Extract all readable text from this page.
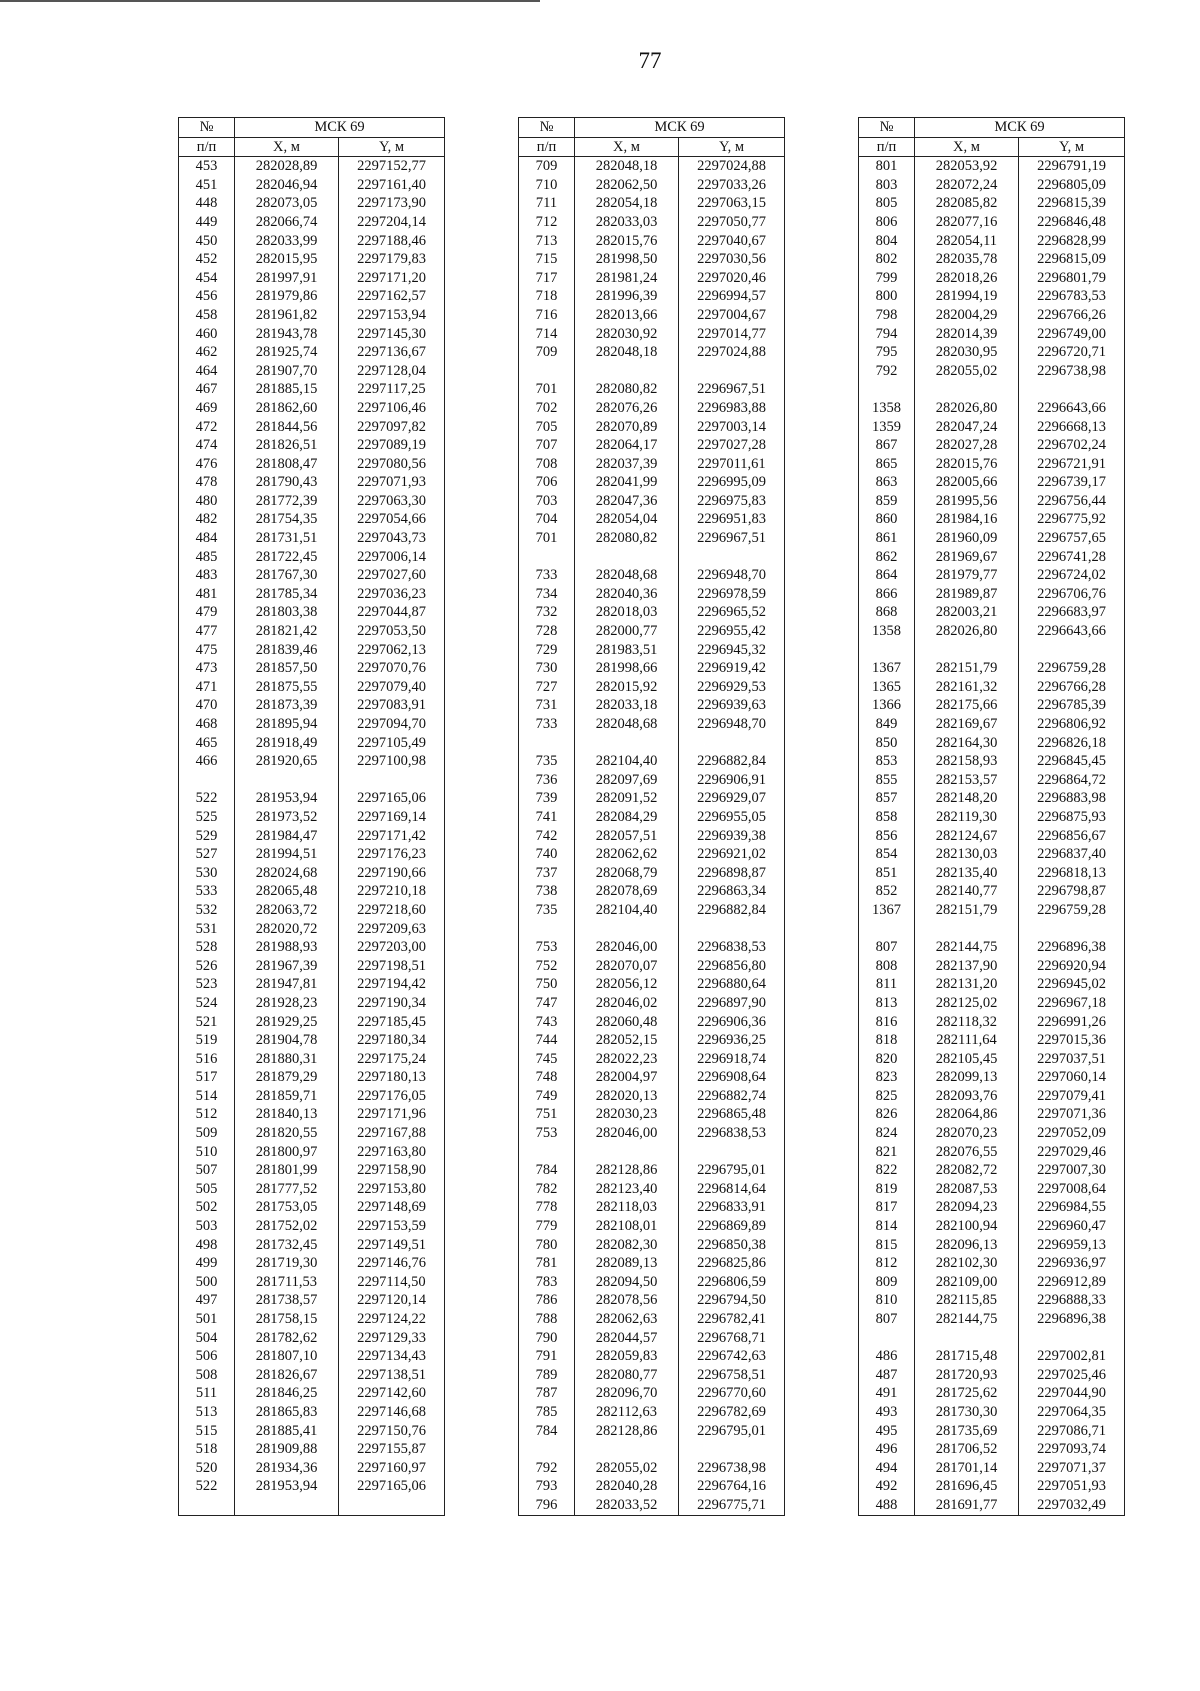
77
№	МСК 69	
п/п	X, м	Y, м
453	282028,89	2297152,77
451	282046,94	2297161,40
448	282073,05	2297173,90
449	282066,74	2297204,14
450	282033,99	2297188,46
452	282015,95	2297179,83
454	281997,91	2297171,20
456	281979,86	2297162,57
458	281961,82	2297153,94
460	281943,78	2297145,30
462	281925,74	2297136,67
464	281907,70	2297128,04
467	281885,15	2297117,25
469	281862,60	2297106,46
472	281844,56	2297097,82
474	281826,51	2297089,19
476	281808,47	2297080,56
478	281790,43	2297071,93
480	281772,39	2297063,30
482	281754,35	2297054,66
484	281731,51	2297043,73
485	281722,45	2297006,14
483	281767,30	2297027,60
481	281785,34	2297036,23
479	281803,38	2297044,87
477	281821,42	2297053,50
475	281839,46	2297062,13
473	281857,50	2297070,76
471	281875,55	2297079,40
470	281873,39	2297083,91
468	281895,94	2297094,70
465	281918,49	2297105,49
466	281920,65	2297100,98

522	281953,94	2297165,06
525	281973,52	2297169,14
529	281984,47	2297171,42
527	281994,51	2297176,23
530	282024,68	2297190,66
533	282065,48	2297210,18
532	282063,72	2297218,60
531	282020,72	2297209,63
528	281988,93	2297203,00
526	281967,39	2297198,51
523	281947,81	2297194,42
524	281928,23	2297190,34
521	281929,25	2297185,45
519	281904,78	2297180,34
516	281880,31	2297175,24
517	281879,29	2297180,13
514	281859,71	2297176,05
512	281840,13	2297171,96
509	281820,55	2297167,88
510	281800,97	2297163,80
507	281801,99	2297158,90
505	281777,52	2297153,80
502	281753,05	2297148,69
503	281752,02	2297153,59
498	281732,45	2297149,51
499	281719,30	2297146,76
500	281711,53	2297114,50
497	281738,57	2297120,14
501	281758,15	2297124,22
504	281782,62	2297129,33
506	281807,10	2297134,43
508	281826,67	2297138,51
511	281846,25	2297142,60
513	281865,83	2297146,68
515	281885,41	2297150,76
518	281909,88	2297155,87
520	281934,36	2297160,97
522	281953,94	2297165,06

№	МСК 69	
п/п	X, м	Y, м
709	282048,18	2297024,88
710	282062,50	2297033,26
711	282054,18	2297063,15
712	282033,03	2297050,77
713	282015,76	2297040,67
715	281998,50	2297030,56
717	281981,24	2297020,46
718	281996,39	2296994,57
716	282013,66	2297004,67
714	282030,92	2297014,77
709	282048,18	2297024,88

701	282080,82	2296967,51
702	282076,26	2296983,88
705	282070,89	2297003,14
707	282064,17	2297027,28
708	282037,39	2297011,61
706	282041,99	2296995,09
703	282047,36	2296975,83
704	282054,04	2296951,83
701	282080,82	2296967,51

733	282048,68	2296948,70
734	282040,36	2296978,59
732	282018,03	2296965,52
728	282000,77	2296955,42
729	281983,51	2296945,32
730	281998,66	2296919,42
727	282015,92	2296929,53
731	282033,18	2296939,63
733	282048,68	2296948,70

735	282104,40	2296882,84
736	282097,69	2296906,91
739	282091,52	2296929,07
741	282084,29	2296955,05
742	282057,51	2296939,38
740	282062,62	2296921,02
737	282068,79	2296898,87
738	282078,69	2296863,34
735	282104,40	2296882,84

753	282046,00	2296838,53
752	282070,07	2296856,80
750	282056,12	2296880,64
747	282046,02	2296897,90
743	282060,48	2296906,36
744	282052,15	2296936,25
745	282022,23	2296918,74
748	282004,97	2296908,64
749	282020,13	2296882,74
751	282030,23	2296865,48
753	282046,00	2296838,53

784	282128,86	2296795,01
782	282123,40	2296814,64
778	282118,03	2296833,91
779	282108,01	2296869,89
780	282082,30	2296850,38
781	282089,13	2296825,86
783	282094,50	2296806,59
786	282078,56	2296794,50
788	282062,63	2296782,41
790	282044,57	2296768,71
791	282059,83	2296742,63
789	282080,77	2296758,51
787	282096,70	2296770,60
785	282112,63	2296782,69
784	282128,86	2296795,01

792	282055,02	2296738,98
793	282040,28	2296764,16
796	282033,52	2296775,71
№	МСК 69	
п/п	X, м	Y, м
801	282053,92	2296791,19
803	282072,24	2296805,09
805	282085,82	2296815,39
806	282077,16	2296846,48
804	282054,11	2296828,99
802	282035,78	2296815,09
799	282018,26	2296801,79
800	281994,19	2296783,53
798	282004,29	2296766,26
794	282014,39	2296749,00
795	282030,95	2296720,71
792	282055,02	2296738,98

1358	282026,80	2296643,66
1359	282047,24	2296668,13
867	282027,28	2296702,24
865	282015,76	2296721,91
863	282005,66	2296739,17
859	281995,56	2296756,44
860	281984,16	2296775,92
861	281960,09	2296757,65
862	281969,67	2296741,28
864	281979,77	2296724,02
866	281989,87	2296706,76
868	282003,21	2296683,97
1358	282026,80	2296643,66

1367	282151,79	2296759,28
1365	282161,32	2296766,28
1366	282175,66	2296785,39
849	282169,67	2296806,92
850	282164,30	2296826,18
853	282158,93	2296845,45
855	282153,57	2296864,72
857	282148,20	2296883,98
858	282119,30	2296875,93
856	282124,67	2296856,67
854	282130,03	2296837,40
851	282135,40	2296818,13
852	282140,77	2296798,87
1367	282151,79	2296759,28

807	282144,75	2296896,38
808	282137,90	2296920,94
811	282131,20	2296945,02
813	282125,02	2296967,18
816	282118,32	2296991,26
818	282111,64	2297015,36
820	282105,45	2297037,51
823	282099,13	2297060,14
825	282093,76	2297079,41
826	282064,86	2297071,36
824	282070,23	2297052,09
821	282076,55	2297029,46
822	282082,72	2297007,30
819	282087,53	2297008,64
817	282094,23	2296984,55
814	282100,94	2296960,47
815	282096,13	2296959,13
812	282102,30	2296936,97
809	282109,00	2296912,89
810	282115,85	2296888,33
807	282144,75	2296896,38

486	281715,48	2297002,81
487	281720,93	2297025,46
491	281725,62	2297044,90
493	281730,30	2297064,35
495	281735,69	2297086,71
496	281706,52	2297093,74
494	281701,14	2297071,37
492	281696,45	2297051,93
488	281691,77	2297032,49
